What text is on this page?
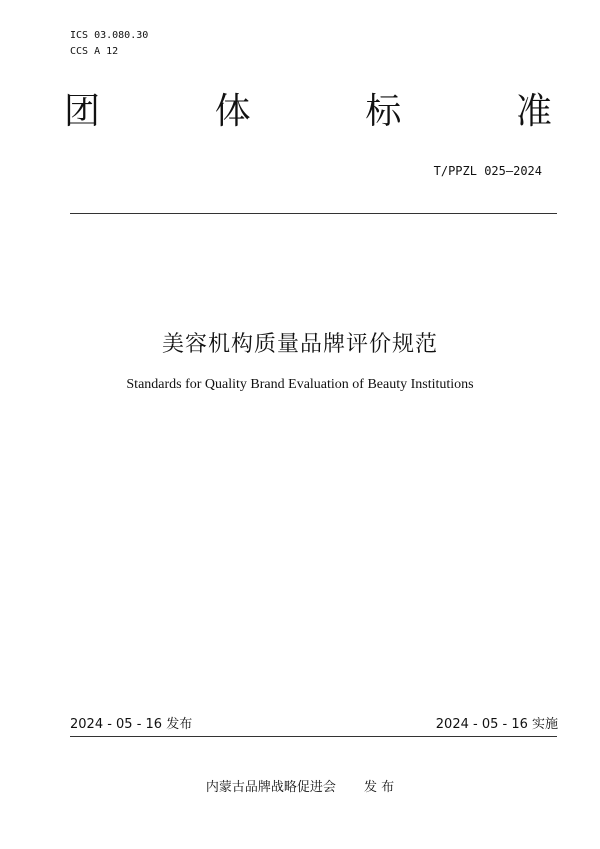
ICS 03.080.30
CCS A 12
团	体	标	准
T/PPZL 025—2024
美容机构质量品牌评价规范
Standards for Quality Brand Evaluation of Beauty Institutions
2024 - 05 - 16 发布	2024 - 05 - 16 实施
内蒙古品牌战略促进会 发 布
